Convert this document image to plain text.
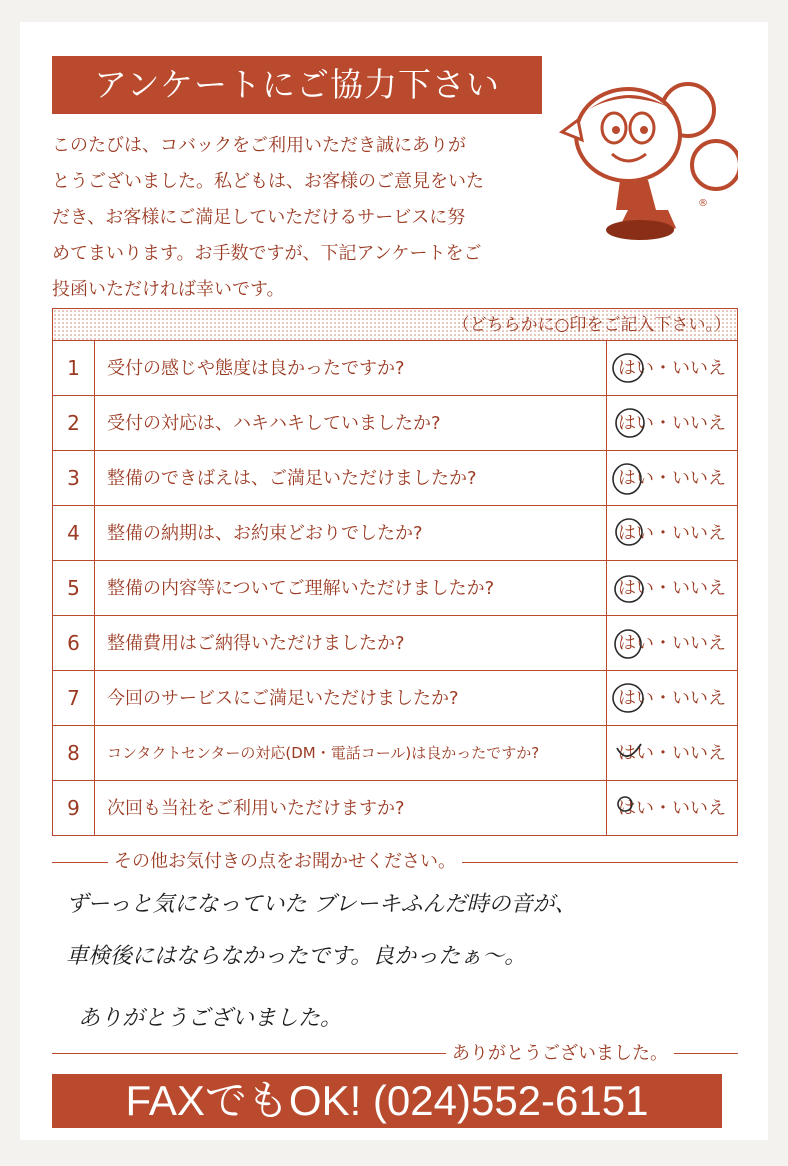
アンケートにご協力下さい
このたびは、コバックをご利用いただき誠にありが
とうございました。私どもは、お客様のご意見をいた
だき、お客様にご満足していただけるサービスに努
めてまいります。お手数ですが、下記アンケートをご
投函いただければ幸いです。
®
（どちらかに○印をご記入下さい。）
1	受付の感じや態度は良かったですか?	はい・いいえ
2	受付の対応は、ハキハキしていましたか?	はい・いいえ
3	整備のできばえは、ご満足いただけましたか?	はい・いいえ
4	整備の納期は、お約束どおりでしたか?	はい・いいえ
5	整備の内容等についてご理解いただけましたか?	はい・いいえ
6	整備費用はご納得いただけましたか?	はい・いいえ
7	今回のサービスにご満足いただけましたか?	はい・いいえ
8	コンタクトセンターの対応(DM・電話コール)は良かったですか?	はい・いいえ
9	次回も当社をご利用いただけますか?	はい・いいえ
その他お気付きの点をお聞かせください。
ずーっと気になっていた ブレーキふんだ時の音が、
車検後にはならなかったです。良かったぁ〜。
ありがとうございました。
ありがとうございました。
FAXでもOK! (024)552-6151
